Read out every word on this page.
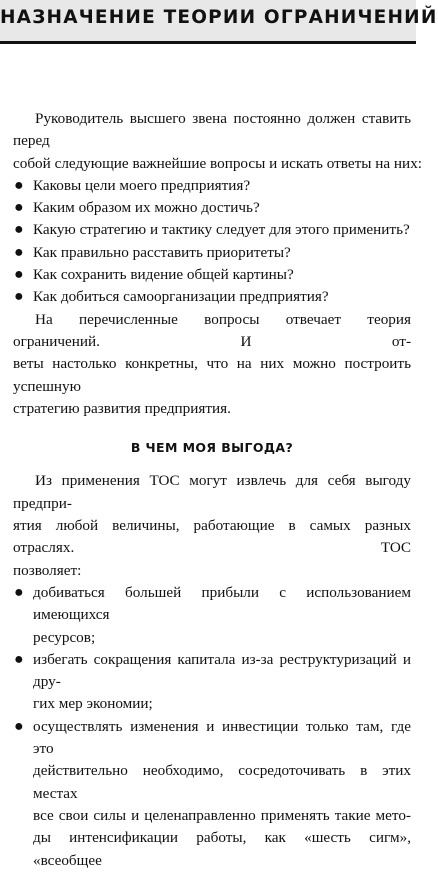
НАЗНАЧЕНИЕ ТЕОРИИ ОГРАНИЧЕНИЙ

Руководитель высшего звена постоянно должен ставить перед
собой следующие важнейшие вопросы и искать ответы на них:

● Каковы цели моего предприятия?
● Каким образом их можно достичь?
● Какую стратегию и тактику следует для этого применить?
● Как правильно расставить приоритеты?
● Как сохранить видение общей картины?
● Как добиться самоорганизации предприятия?

На перечисленные вопросы отвечает теория ограничений. И от-
веты настолько конкретны, что на них можно построить успешную
стратегию развития предприятия.

В ЧЕМ МОЯ ВЫГОДА?

Из применения TOC могут извлечь для себя выгоду предпри-
ятия любой величины, работающие в самых разных отраслях. TOC
позволяет:

● добиваться большей прибыли с использованием имеющихся
ресурсов;
● избегать сокращения капитала из-за реструктуризаций и дру-
гих мер экономии;
● осуществлять изменения и инвестиции только там, где это
действительно необходимо, сосредоточивать в этих местах
все свои силы и целенаправленно применять такие мето-
ды интенсификации работы, как «шесть сигм», «всеобщее
